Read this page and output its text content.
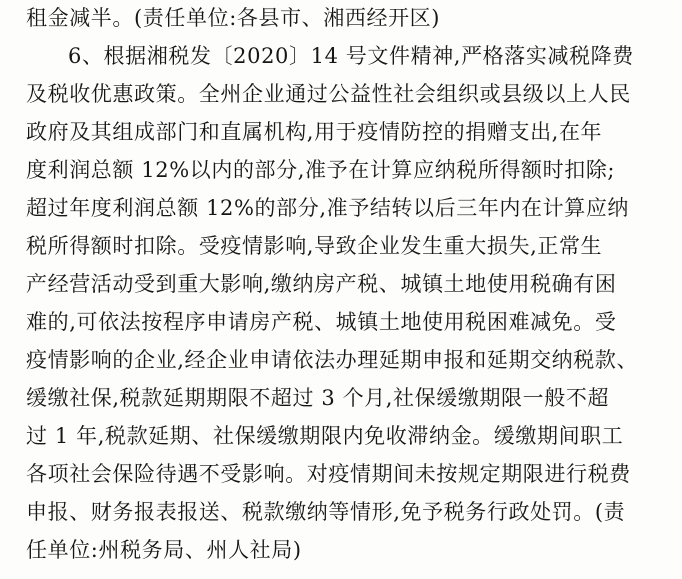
租金减半。(责任单位:各县市、湘西经开区)
6、根据湘税发〔2020〕14 号文件精神,严格落实减税降费
及税收优惠政策。全州企业通过公益性社会组织或县级以上人民
政府及其组成部门和直属机构,用于疫情防控的捐赠支出,在年
度利润总额 12%以内的部分,准予在计算应纳税所得额时扣除;
超过年度利润总额 12%的部分,准予结转以后三年内在计算应纳
税所得额时扣除。受疫情影响,导致企业发生重大损失,正常生
产经营活动受到重大影响,缴纳房产税、城镇土地使用税确有困
难的,可依法按程序申请房产税、城镇土地使用税困难减免。受
疫情影响的企业,经企业申请依法办理延期申报和延期交纳税款、
缓缴社保,税款延期期限不超过 3 个月,社保缓缴期限一般不超
过 1 年,税款延期、社保缓缴期限内免收滞纳金。缓缴期间职工
各项社会保险待遇不受影响。对疫情期间未按规定期限进行税费
申报、财务报表报送、税款缴纳等情形,免予税务行政处罚。(责
任单位:州税务局、州人社局)
